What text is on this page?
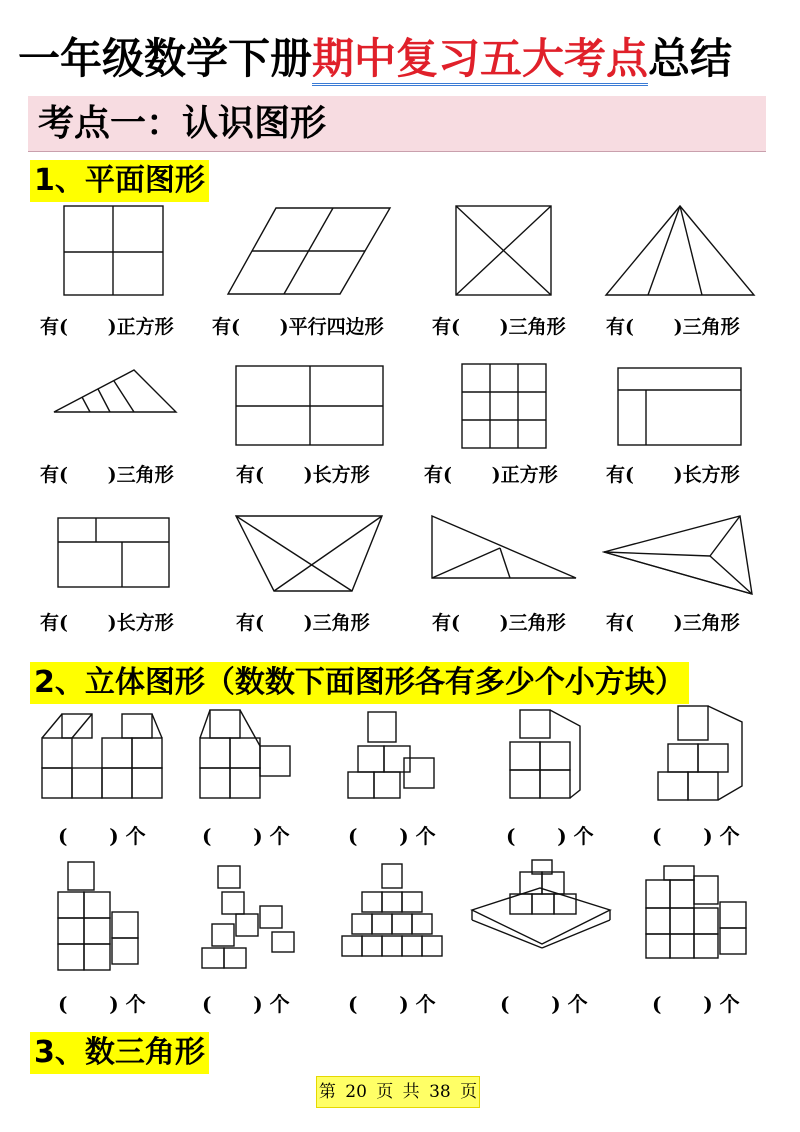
一年级数学下册期中复习五大考点总结
考点一：认识图形
1、平面图形
有(      )正方形 有(      )平行四边形	有(      )三角形 有(      )三角形
有(      )三角形	有(      )长方形	有(      )正方形	有(      )长方形
有(      )长方形	有(      )三角形	有(      )三角形 有(      )三角形
2、立体图形（数数下面图形各有多少个小方块）
(      ) 个	(      ) 个	(      ) 个	(      ) 个	(      ) 个
(      ) 个	(      ) 个	(      ) 个	(      ) 个	(      ) 个
3、数三角形
第 20 页 共 38 页
